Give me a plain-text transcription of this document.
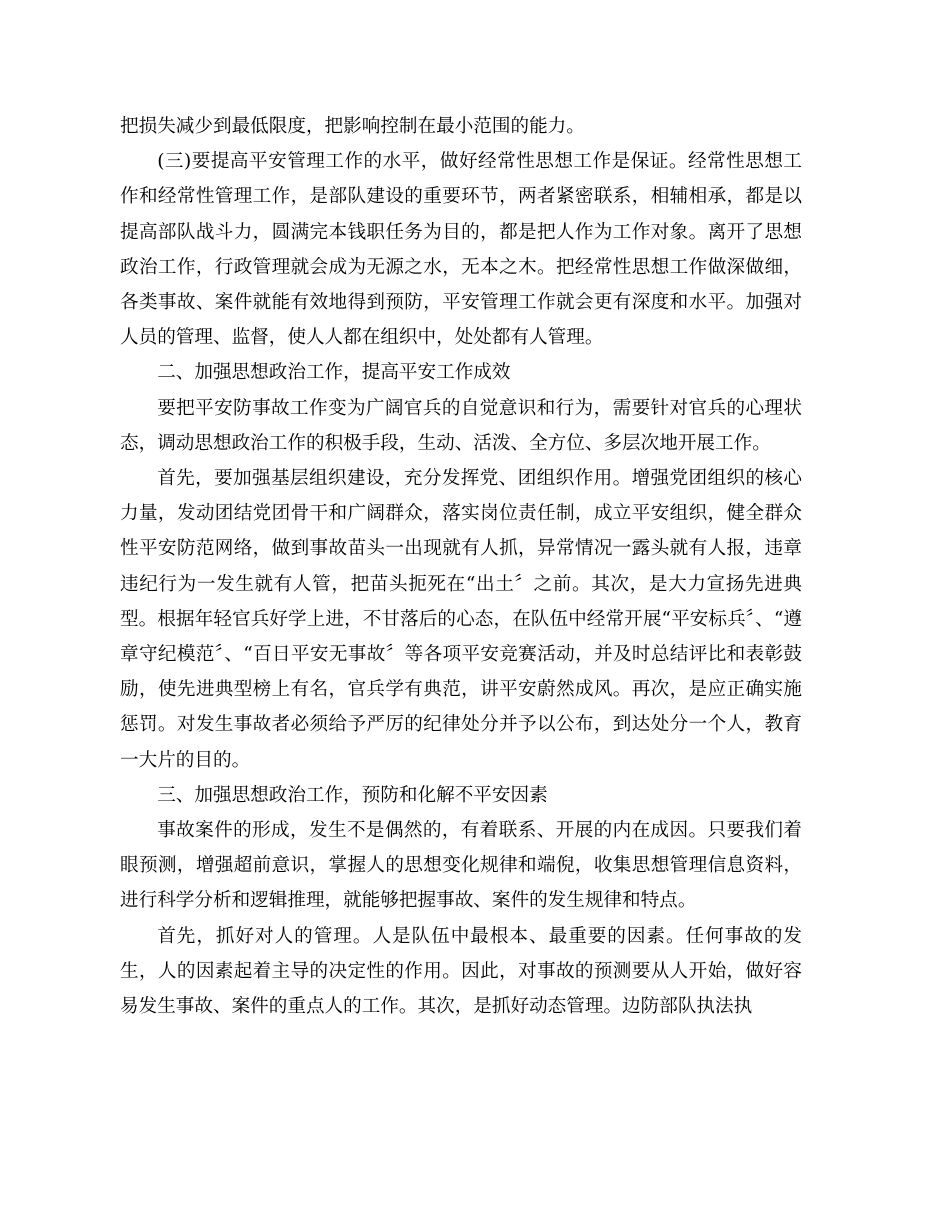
把损失减少到最低限度，把影响控制在最小范围的能力。

(三)要提高平安管理工作的水平，做好经常性思想工作是保证。经常性思想工作和经常性管理工作，是部队建设的重要环节，两者紧密联系，相辅相承，都是以提高部队战斗力，圆满完本钱职任务为目的，都是把人作为工作对象。离开了思想政治工作，行政管理就会成为无源之水，无本之木。把经常性思想工作做深做细，各类事故、案件就能有效地得到预防，平安管理工作就会更有深度和水平。加强对人员的管理、监督，使人人都在组织中，处处都有人管理。

二、加强思想政治工作，提高平安工作成效

要把平安防事故工作变为广阔官兵的自觉意识和行为，需要针对官兵的心理状态，调动思想政治工作的积极手段，生动、活泼、全方位、多层次地开展工作。

首先，要加强基层组织建设，充分发挥党、团组织作用。增强党团组织的核心力量，发动团结党团骨干和广阔群众，落实岗位责任制，成立平安组织，健全群众性平安防范网络，做到事故苗头一出现就有人抓，异常情况一露头就有人报，违章违纪行为一发生就有人管，把苗头扼死在“出土〞之前。其次，是大力宣扬先进典型。根据年轻官兵好学上进，不甘落后的心态，在队伍中经常开展“平安标兵〞、“遵章守纪模范〞、“百日平安无事故〞等各项平安竞赛活动，并及时总结评比和表彰鼓励，使先进典型榜上有名，官兵学有典范，讲平安蔚然成风。再次，是应正确实施惩罚。对发生事故者必须给予严厉的纪律处分并予以公布，到达处分一个人，教育一大片的目的。

三、加强思想政治工作，预防和化解不平安因素

事故案件的形成，发生不是偶然的，有着联系、开展的内在成因。只要我们着眼预测，增强超前意识，掌握人的思想变化规律和端倪，收集思想管理信息资料，进行科学分析和逻辑推理，就能够把握事故、案件的发生规律和特点。

首先，抓好对人的管理。人是队伍中最根本、最重要的因素。任何事故的发生，人的因素起着主导的决定性的作用。因此，对事故的预测要从人开始，做好容易发生事故、案件的重点人的工作。其次，是抓好动态管理。边防部队执法执
